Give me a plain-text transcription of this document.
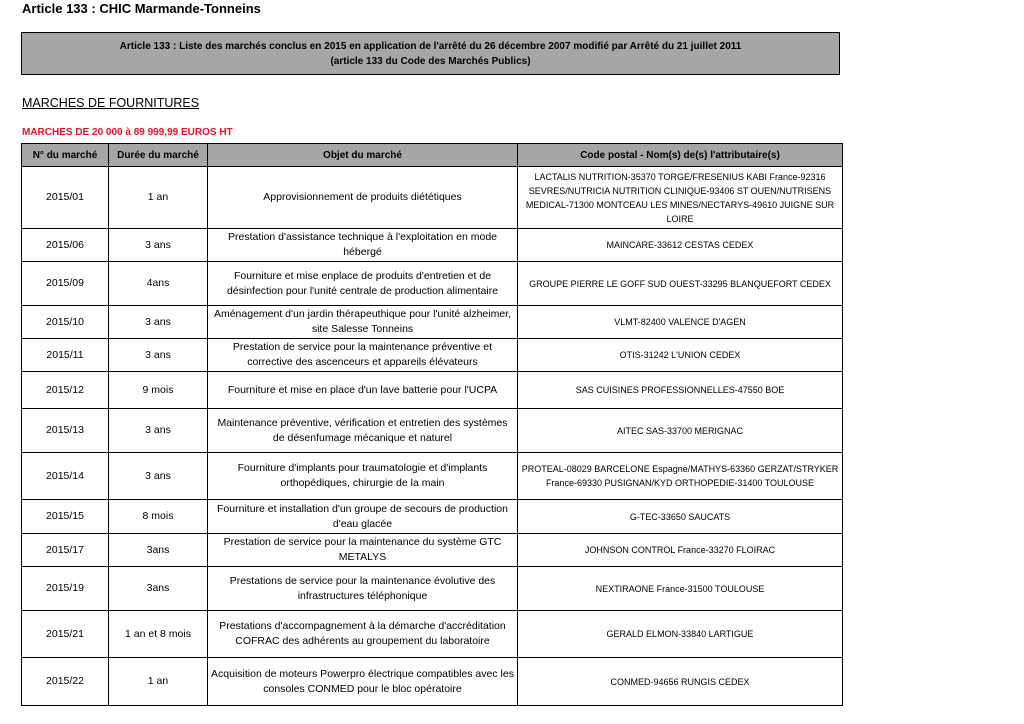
Article 133 : CHIC Marmande-Tonneins
Article 133 : Liste des marchés conclus en 2015 en application de l'arrêté du 26 décembre 2007 modifié par Arrêté du 21 juillet 2011
(article 133 du Code des Marchés Publics)
MARCHES DE FOURNITURES
MARCHES DE 20 000 à 89 999,99 EUROS HT
N° du marché	Durée du marché	Objet du marché	Code postal - Nom(s) de(s) l'attributaire(s)
2015/01	1 an	Approvisionnement de produits diététiques	LACTALIS NUTRITION-35370 TORGE/FRESENIUS KABI France-92316 SEVRES/NUTRICIA NUTRITION CLINIQUE-93406 ST OUEN/NUTRISENS MEDICAL-71300 MONTCEAU LES MINES/NECTARYS-49610 JUIGNE SUR LOIRE
2015/06	3 ans	Prestation d'assistance technique à l'exploitation en mode hébergé	MAINCARE-33612 CESTAS CEDEX
2015/09	4ans	Fourniture et mise enplace de produits d'entretien et de désinfection pour l'unité centrale de production alimentaire	GROUPE PIERRE LE GOFF SUD OUEST-33295 BLANQUEFORT CEDEX
2015/10	3 ans	Aménagement d'un jardin thérapeuthique pour l'unité alzheimer, site Salesse Tonneins	VLMT-82400 VALENCE D'AGEN
2015/11	3 ans	Prestation de service pour la maintenance préventive et corrective des ascenceurs et appareils élévateurs	OTIS-31242 L'UNION CEDEX
2015/12	9 mois	Fourniture et mise en place d'un lave batterie pour l'UCPA	SAS CUISINES PROFESSIONNELLES-47550 BOE
2015/13	3 ans	Maintenance préventive, vérification et entretien des systèmes de désenfumage mécanique et naturel	AITEC SAS-33700 MERIGNAC
2015/14	3 ans	Fourniture d'implants pour traumatologie et d'implants orthopédiques, chirurgie de la main	PROTEAL-08029 BARCELONE Espagne/MATHYS-63360 GERZAT/STRYKER France-69330 PUSIGNAN/KYD ORTHOPEDIE-31400 TOULOUSE
2015/15	8 mois	Fourniture et installation d'un groupe de secours de production d'eau glacée	G-TEC-33650 SAUCATS
2015/17	3ans	Prestation de service pour la maintenance du système GTC METALYS	JOHNSON CONTROL France-33270 FLOIRAC
2015/19	3ans	Prestations de service pour la maintenance évolutive des infrastructures téléphonique	NEXTIRAONE France-31500 TOULOUSE
2015/21	1 an et 8 mois	Prestations d'accompagnement à la démarche d'accréditation COFRAC des adhérents au groupement du laboratoire	GERALD ELMON-33840 LARTIGUE
2015/22	1 an	Acquisition de moteurs Powerpro électrique compatibles avec les consoles CONMED pour le bloc opératoire	CONMED-94656 RUNGIS CEDEX
